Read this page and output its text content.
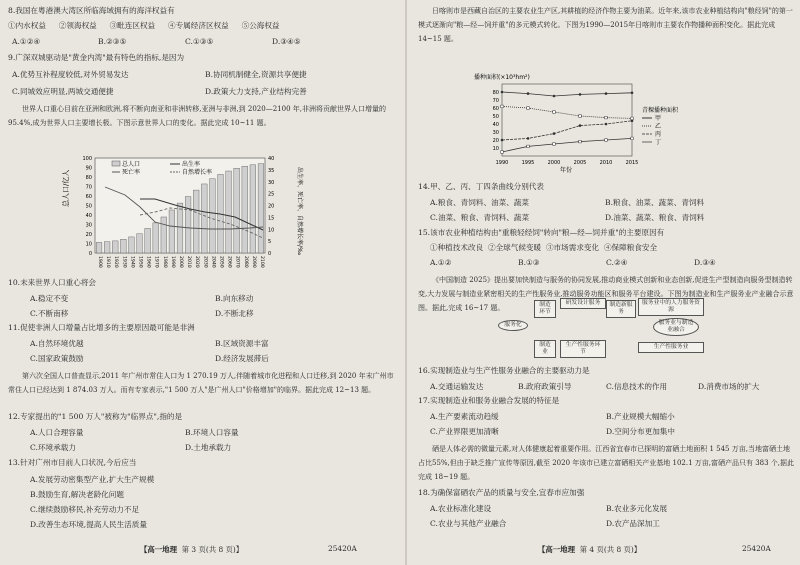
8.我国在粤港澳大湾区所临海域拥有的海洋权益有
①内水权益 ②领海权益 ③毗连区权益 ④专属经济区权益 ⑤公海权益
A.①②④	B.②③⑤	C.①③⑤	D.③④⑤
9.广深双城驱动是"黄金内湾"最有特色的指标,是因为
A.优势互补程度较低,对外贸易发达	B.协同机制健全,资源共享便捷
C.同城效应明显,两城交通便捷	D.政策大力支持,产业结构完善
世界人口重心目前在亚洲和欧洲,将不断向南亚和非洲转移,亚洲与非洲,到 2020—2100 年,非洲将贡献世界人口增量的 95.4%,成为世界人口主要增长极。下图示意世界人口的变化。据此完成 10~11 题。
0
10
20
30
40
50
60
70
80
90
100
0
5
10
15
20
25
30
35
40
1900 1910 1920 1930 1940 1950 1960 1970 1980 1990 2000 2010 2020 2030 2040 2050 2060 2070 2080 2090 2100
总人口/亿人	出生率、死亡率、自然增长率/‰
总人口	出生率
死亡率	自然增长率
10.未来世界人口重心将会
A.稳定不变	B.向东移动
C.不断南移	D.不断北移
11.促使非洲人口增量占比增多的主要原因最可能是非洲
A.自然环境优越	B.区域资源丰富
C.国家政策鼓励	D.经济发展滞后
第六次全国人口普查显示,2011 年广州市常住人口为 1 270.19 万人,伴随着城市化进程和人口迁移,到 2020 年末广州市常住人口已经达到 1 874.03 万人。而有专家表示,"1 500 万人"是广州人口"价格增加"的临界。据此完成 12~13 题。
12.专家提出的"1 500 万人"被称为"临界点",指的是
A.人口合理容量	B.环境人口容量
C.环境承载力	D.土地承载力
13.针对广州市目前人口状况,今后应当
A.发展劳动密集型产业,扩大生产规模
B.鼓励生育,解决老龄化问题
C.继续鼓励移民,补充劳动力不足
D.改善生态环境,提高人民生活质量
【高一地理 第 3 页(共 8 页)】	25420A
日喀则市是西藏自治区的主要农业生产区,其耕植的经济作物主要为油菜。近年来,该市农业种植结构向"粮经饲"的第一模式逐渐向"粮—经—饲并重"的多元模式转化。下图为1990—2015年日喀则市主要农作物播种面积变化。据此完成 14~15 题。
播种面积(×10³hm²)
10
20
30
40
50
60
70
80
1990	1995	2000	2005	2010	2015
年份
青稞播种面积
甲
乙
丙
丁
14.甲、乙、丙、丁四条曲线分别代表
A.粮食、青饲料、油菜、蔬菜	B.粮食、油菜、蔬菜、青饲料
C.油菜、粮食、青饲料、蔬菜	D.油菜、蔬菜、粮食、青饲料
15.该市农业种植结构由"重粮轻经饲"转向"粮—经—饲并重"的主要原因有
①种植技术改良 ②全球气候变暖 ③市场需求变化 ④保障粮食安全
A.①②	B.①③	C.②④	D.③④
《中国制造 2025》提出要加快制造与服务的协同发展,推动商业模式创新和业态创新,促进生产型制造向服务型制造转变,大力发展与制造业紧密相关的生产性服务业,推动服务功能区和服务平台建设。下图为制造业和生产服务业产业融合示意图。据此,完成 16~17 题。
服务化
制造环节
制造业
研发设计服务
生产性服务环节
制造新服务
服务业中的人力服务资源
服务业与制造业融合
生产性服务业
16.实现制造业与生产性服务业融合的主要驱动力是
A.交通运输发达	B.政府政策引导	C.信息技术的作用	D.消费市场的扩大
17.实现制造业和服务业融合发展的特征是
A.生产要素流动趋缓	B.产业规模大幅缩小
C.产业界限更加清晰	D.空间分布更加集中
硒是人体必需的微量元素,对人体健康起着重要作用。江西省宜春市已探明的富硒土地面积 1 545 万亩,当地富硒土地占比55%,但由于缺乏推广宣传等原因,截至 2020 年该市已建立富硒相关产业基地 102.1 万亩,富硒产品只有 383 个,据此完成 18~19 题。
18.为确保富硒农产品的质量与安全,宜春市应加强
A.农业标准化建设	B.农业多元化发展
C.农业与其他产业融合	D.农产品深加工
【高一地理 第 4 页(共 8 页)】	25420A
